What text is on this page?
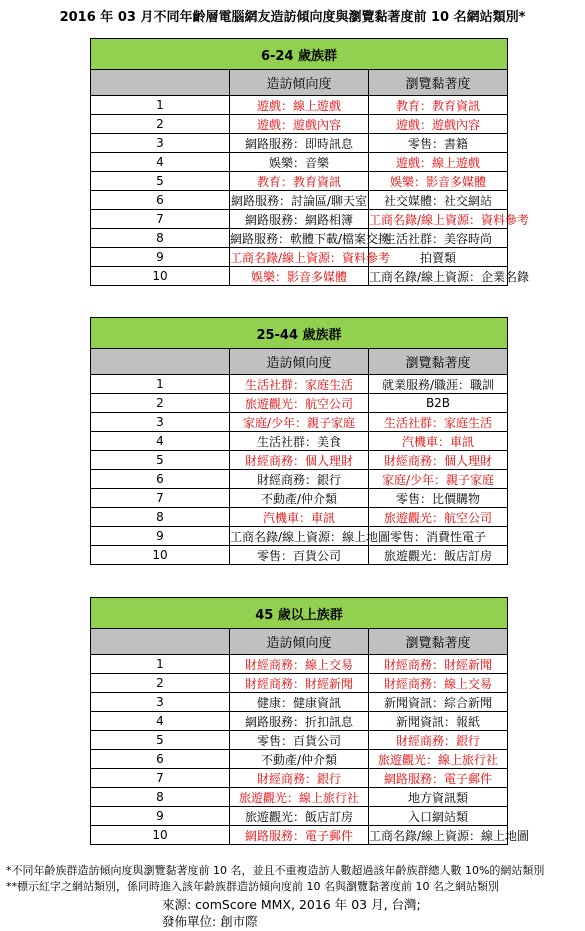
2016 年 03 月不同年齡層電腦網友造訪傾向度與瀏覽黏著度前 10 名網站類別*
6-24 歲族群		
	造訪傾向度	瀏覽黏著度
1	遊戲：線上遊戲	教育：教育資訊
2	遊戲：遊戲內容	遊戲：遊戲內容
3	網路服務：即時訊息	零售：書籍
4	娛樂：音樂	遊戲：線上遊戲
5	教育：教育資訊	娛樂：影音多媒體
6	網路服務：討論區/聊天室	社交媒體：社交網站
7	網路服務：網路相簿	工商名錄/線上資源：資料參考
8	網路服務：軟體下載/檔案交換	生活社群：美容時尚
9	工商名錄/線上資源：資料參考	拍賣類
10	娛樂：影音多媒體	工商名錄/線上資源：企業名錄
25-44 歲族群		
	造訪傾向度	瀏覽黏著度
1	生活社群：家庭生活	就業服務/職涯：職訓
2	旅遊觀光：航空公司	B2B
3	家庭/少年：親子家庭	生活社群：家庭生活
4	生活社群：美食	汽機車：車訊
5	財經商務：個人理財	財經商務：個人理財
6	財經商務：銀行	家庭/少年：親子家庭
7	不動產/仲介類	零售：比價購物
8	汽機車：車訊	旅遊觀光：航空公司
9	工商名錄/線上資源：線上地圖	零售：消費性電子
10	零售：百貨公司	旅遊觀光：飯店訂房
45 歲以上族群		
	造訪傾向度	瀏覽黏著度
1	財經商務：線上交易	財經商務：財經新聞
2	財經商務：財經新聞	財經商務：線上交易
3	健康：健康資訊	新聞資訊：綜合新聞
4	網路服務：折扣訊息	新聞資訊：報紙
5	零售：百貨公司	財經商務：銀行
6	不動產/仲介類	旅遊觀光：線上旅行社
7	財經商務：銀行	網路服務：電子郵件
8	旅遊觀光：線上旅行社	地方資訊類
9	旅遊觀光：飯店訂房	入口網站類
10	網路服務：電子郵件	工商名錄/線上資源：線上地圖
*不同年齡族群造訪傾向度與瀏覽黏著度前 10 名，並且不重複造訪人數超過該年齡族群總人數 10%的網站類別
**標示紅字之網站類別，係同時進入該年齡族群造訪傾向度前 10 名與瀏覽黏著度前 10 名之網站類別
來源: comScore MMX, 2016 年 03 月, 台灣;
發佈單位: 創市際
